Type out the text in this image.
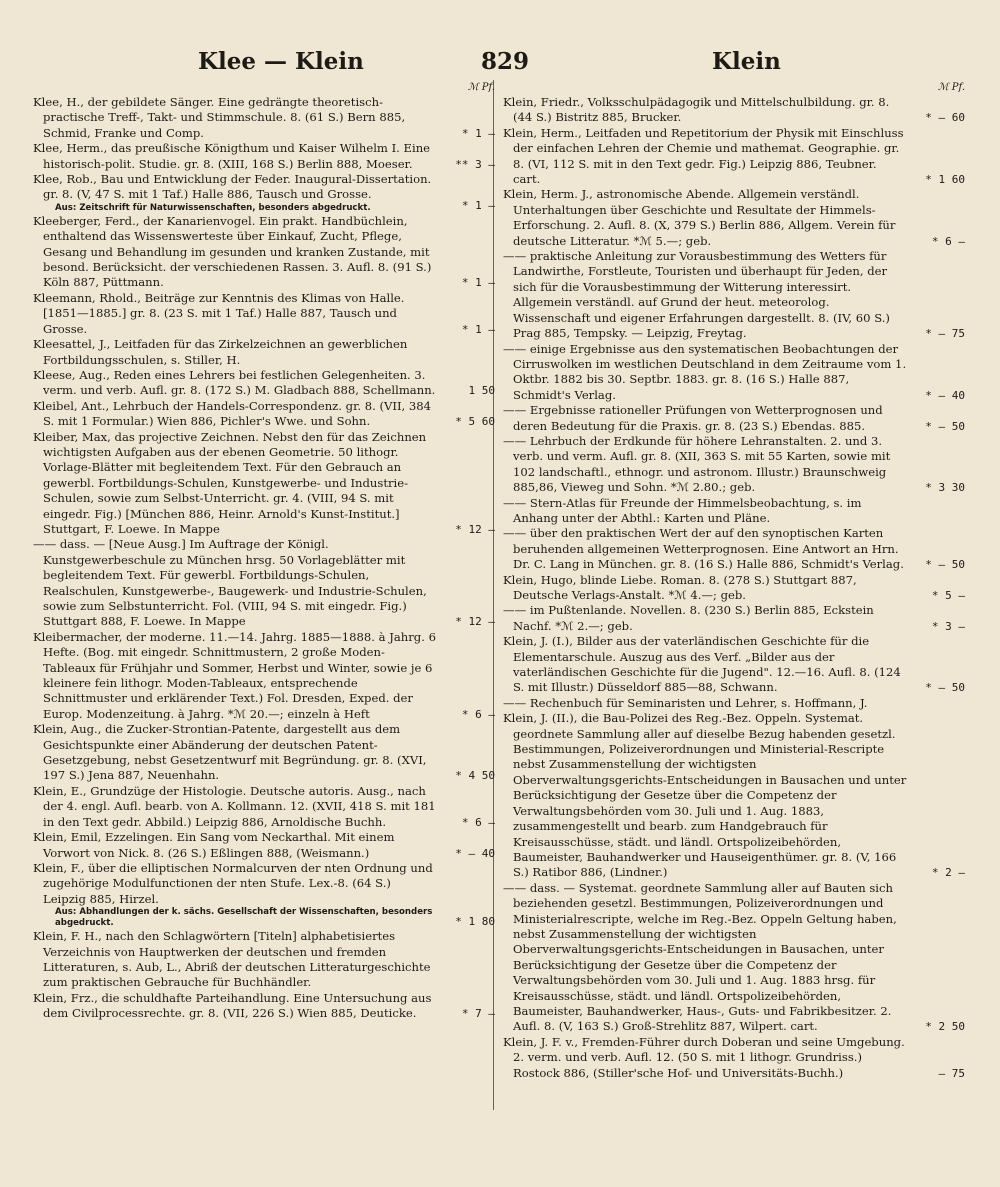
Klee — Klein	829	Klein
ℳ Pf.
Klee, H., der gebildete Sänger. Eine gedrängte theoretisch-practische Treff-, Takt- und Stimmschule. 8. (61 S.) Bern 885, Schmid, Franke und Comp.	* 1 —
Klee, Herm., das preußische Königthum und Kaiser Wilhelm I. Eine historisch-polit. Studie. gr. 8. (XIII, 168 S.) Berlin 888, Moeser.	** 3 —
Klee, Rob., Bau und Entwicklung der Feder. Inaugural-Dissertation. gr. 8. (V, 47 S. mit 1 Taf.) Halle 886, Tausch und Grosse.
Aus: Zeitschrift für Naturwissenschaften, besonders abgedruckt.	* 1 —
Kleeberger, Ferd., der Kanarienvogel. Ein prakt. Handbüchlein, enthaltend das Wissenswerteste über Einkauf, Zucht, Pflege, Gesang und Behandlung im gesunden und kranken Zustande, mit besond. Berücksicht. der verschiedenen Rassen. 3. Aufl. 8. (91 S.) Köln 887, Püttmann.	* 1 —
Kleemann, Rhold., Beiträge zur Kenntnis des Klimas von Halle. [1851—1885.] gr. 8. (23 S. mit 1 Taf.) Halle 887, Tausch und Grosse.	* 1 —
Kleesattel, J., Leitfaden für das Zirkelzeichnen an gewerblichen Fortbildungsschulen, s. Stiller, H.
Kleese, Aug., Reden eines Lehrers bei festlichen Gelegenheiten. 3. verm. und verb. Aufl. gr. 8. (172 S.) M. Gladbach 888, Schellmann.	1 50
Kleibel, Ant., Lehrbuch der Handels-Correspondenz. gr. 8. (VII, 384 S. mit 1 Formular.) Wien 886, Pichler's Wwe. und Sohn.	* 5 60
Kleiber, Max, das projective Zeichnen. Nebst den für das Zeichnen wichtigsten Aufgaben aus der ebenen Geometrie. 50 lithogr. Vorlage-Blätter mit begleitendem Text. Für den Gebrauch an gewerbl. Fortbildungs-Schulen, Kunstgewerbe- und Industrie-Schulen, sowie zum Selbst-Unterricht. gr. 4. (VIII, 94 S. mit eingedr. Fig.) [München 886, Heinr. Arnold's Kunst-Institut.] Stuttgart, F. Loewe. In Mappe	* 12 —
—— dass. — [Neue Ausg.] Im Auftrage der Königl. Kunstgewerbeschule zu München hrsg. 50 Vorlageblätter mit begleitendem Text. Für gewerbl. Fortbildungs-Schulen, Realschulen, Kunstgewerbe-, Baugewerk- und Industrie-Schulen, sowie zum Selbstunterricht. Fol. (VIII, 94 S. mit eingedr. Fig.) Stuttgart 888, F. Loewe. In Mappe	* 12 —
Kleibermacher, der moderne. 11.—14. Jahrg. 1885—1888. à Jahrg. 6 Hefte. (Bog. mit eingedr. Schnittmustern, 2 große Moden-Tableaux für Frühjahr und Sommer, Herbst und Winter, sowie je 6 kleinere fein lithogr. Moden-Tableaux, entsprechende Schnittmuster und erklärender Text.) Fol. Dresden, Exped. der Europ. Modenzeitung. à Jahrg. *ℳ 20.—; einzeln à Heft	* 6 —
Klein, Aug., die Zucker-Strontian-Patente, dargestellt aus dem Gesichtspunkte einer Abänderung der deutschen Patent-Gesetzgebung, nebst Gesetzentwurf mit Begründung. gr. 8. (XVI, 197 S.) Jena 887, Neuenhahn.	* 4 50
Klein, E., Grundzüge der Histologie. Deutsche autoris. Ausg., nach der 4. engl. Aufl. bearb. von A. Kollmann. 12. (XVII, 418 S. mit 181 in den Text gedr. Abbild.) Leipzig 886, Arnoldische Buchh.	* 6 —
Klein, Emil, Ezzelingen. Ein Sang vom Neckarthal. Mit einem Vorwort von Nick. 8. (26 S.) Eßlingen 888, (Weismann.)	* — 40
Klein, F., über die elliptischen Normalcurven der nten Ordnung und zugehörige Modulfunctionen der nten Stufe. Lex.-8. (64 S.) Leipzig 885, Hirzel.
Aus: Abhandlungen der k. sächs. Gesellschaft der Wissenschaften, besonders abgedruckt.	* 1 80
Klein, F. H., nach den Schlagwörtern [Titeln] alphabetisiertes Verzeichnis von Hauptwerken der deutschen und fremden Litteraturen, s. Aub, L., Abriß der deutschen Litteraturgeschichte zum praktischen Gebrauche für Buchhändler.
Klein, Frz., die schuldhafte Parteihandlung. Eine Untersuchung aus dem Civilprocessrechte. gr. 8. (VII, 226 S.) Wien 885, Deuticke.	* 7 —
ℳ Pf.
Klein, Friedr., Volksschulpädagogik und Mittelschulbildung. gr. 8. (44 S.) Bistritz 885, Brucker.	* — 60
Klein, Herm., Leitfaden und Repetitorium der Physik mit Einschluss der einfachen Lehren der Chemie und mathemat. Geographie. gr. 8. (VI, 112 S. mit in den Text gedr. Fig.) Leipzig 886, Teubner. cart.	* 1 60
Klein, Herm. J., astronomische Abende. Allgemein verständl. Unterhaltungen über Geschichte und Resultate der Himmels-Erforschung. 2. Aufl. 8. (X, 379 S.) Berlin 886, Allgem. Verein für deutsche Litteratur. *ℳ 5.—; geb.	* 6 —
—— praktische Anleitung zur Vorausbestimmung des Wetters für Landwirthe, Forstleute, Touristen und überhaupt für Jeden, der sich für die Vorausbestimmung der Witterung interessirt. Allgemein verständl. auf Grund der heut. meteorolog. Wissenschaft und eigener Erfahrungen dargestellt. 8. (IV, 60 S.) Prag 885, Tempsky. — Leipzig, Freytag.	* — 75
—— einige Ergebnisse aus den systematischen Beobachtungen der Cirruswolken im westlichen Deutschland in dem Zeitraume vom 1. Oktbr. 1882 bis 30. Septbr. 1883. gr. 8. (16 S.) Halle 887, Schmidt's Verlag.	* — 40
—— Ergebnisse rationeller Prüfungen von Wetterprognosen und deren Bedeutung für die Praxis. gr. 8. (23 S.) Ebendas. 885.	* — 50
—— Lehrbuch der Erdkunde für höhere Lehranstalten. 2. und 3. verb. und verm. Aufl. gr. 8. (XII, 363 S. mit 55 Karten, sowie mit 102 landschaftl., ethnogr. und astronom. Illustr.) Braunschweig 885,86, Vieweg und Sohn. *ℳ 2.80.; geb.	* 3 30
—— Stern-Atlas für Freunde der Himmelsbeobachtung, s. im Anhang unter der Abthl.: Karten und Pläne.
—— über den praktischen Wert der auf den synoptischen Karten beruhenden allgemeinen Wetterprognosen. Eine Antwort an Hrn. Dr. C. Lang in München. gr. 8. (16 S.) Halle 886, Schmidt's Verlag.	* — 50
Klein, Hugo, blinde Liebe. Roman. 8. (278 S.) Stuttgart 887, Deutsche Verlags-Anstalt. *ℳ 4.—; geb.	* 5 —
—— im Pußtenlande. Novellen. 8. (230 S.) Berlin 885, Eckstein Nachf. *ℳ 2.—; geb.	* 3 —
Klein, J. (I.), Bilder aus der vaterländischen Geschichte für die Elementarschule. Auszug aus des Verf. „Bilder aus der vaterländischen Geschichte für die Jugend". 12.—16. Aufl. 8. (124 S. mit Illustr.) Düsseldorf 885—88, Schwann.	* — 50
—— Rechenbuch für Seminaristen und Lehrer, s. Hoffmann, J.
Klein, J. (II.), die Bau-Polizei des Reg.-Bez. Oppeln. Systemat. geordnete Sammlung aller auf dieselbe Bezug habenden gesetzl. Bestimmungen, Polizeiverordnungen und Ministerial-Rescripte nebst Zusammenstellung der wichtigsten Oberverwaltungsgerichts-Entscheidungen in Bausachen und unter Berücksichtigung der Gesetze über die Competenz der Verwaltungsbehörden vom 30. Juli und 1. Aug. 1883, zusammengestellt und bearb. zum Handgebrauch für Kreisausschüsse, städt. und ländl. Ortspolizeibehörden, Baumeister, Bauhandwerker und Hauseigenthümer. gr. 8. (V, 166 S.) Ratibor 886, (Lindner.)	* 2 —
—— dass. — Systemat. geordnete Sammlung aller auf Bauten sich beziehenden gesetzl. Bestimmungen, Polizeiverordnungen und Ministerialrescripte, welche im Reg.-Bez. Oppeln Geltung haben, nebst Zusammenstellung der wichtigsten Oberverwaltungsgerichts-Entscheidungen in Bausachen, unter Berücksichtigung der Gesetze über die Competenz der Verwaltungsbehörden vom 30. Juli und 1. Aug. 1883 hrsg. für Kreisausschüsse, städt. und ländl. Ortspolizeibehörden, Baumeister, Bauhandwerker, Haus-, Guts- und Fabrikbesitzer. 2. Aufl. 8. (V, 163 S.) Groß-Strehlitz 887, Wilpert. cart.	* 2 50
Klein, J. F. v., Fremden-Führer durch Doberan und seine Umgebung. 2. verm. und verb. Aufl. 12. (50 S. mit 1 lithogr. Grundriss.) Rostock 886, (Stiller'sche Hof- und Universitäts-Buchh.)	— 75
